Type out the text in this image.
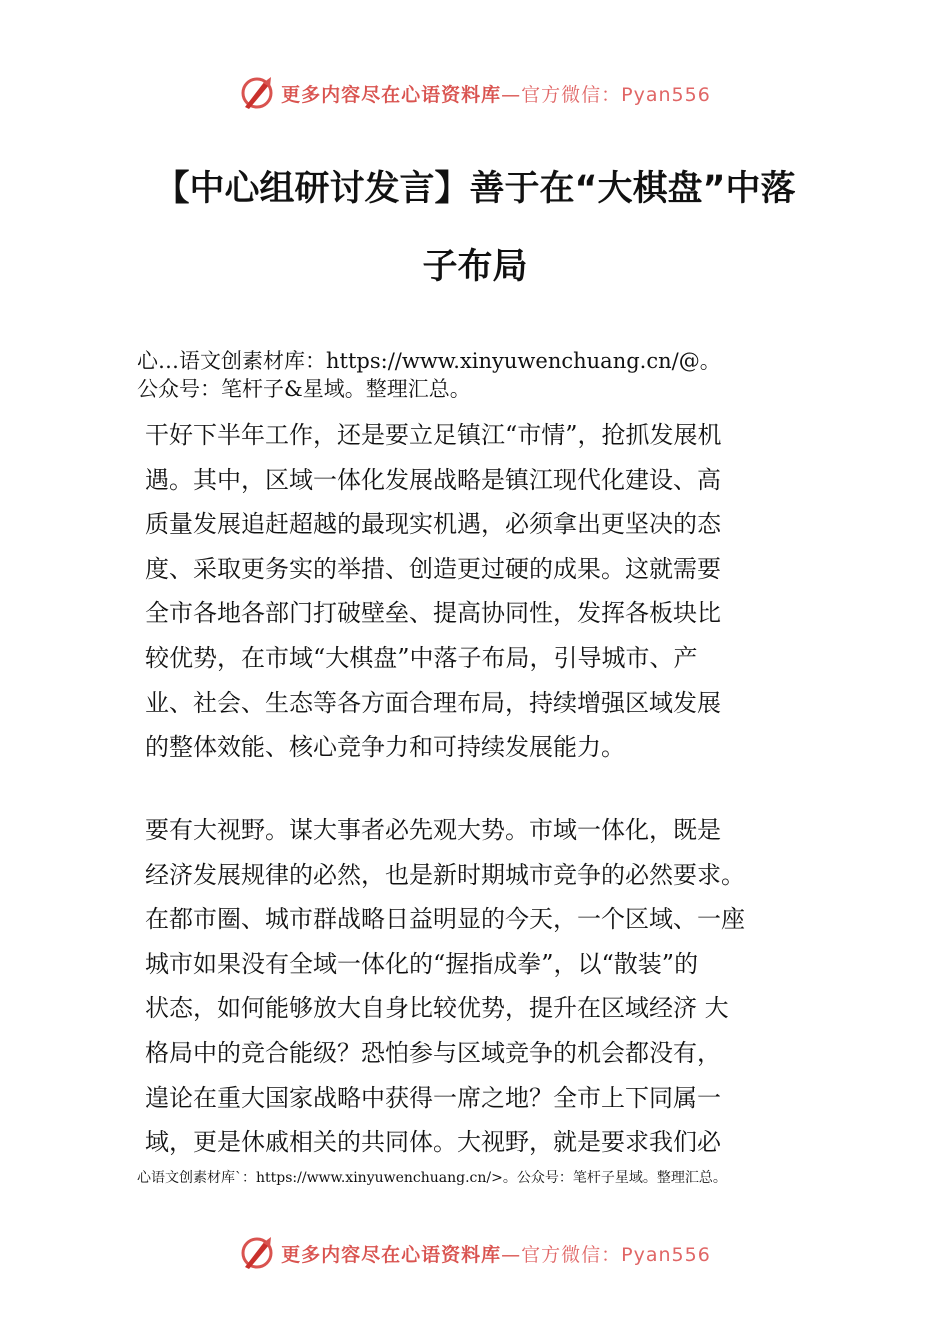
更多内容尽在心语资料库—官方微信：Pyan556
【中心组研讨发言】善于在“大棋盘”中落
子布局
心…语文创素材库：https://www.xinyuwenchuang.cn/@。
公众号：笔杆子&星域。整理汇总。
干好下半年工作，还是要立足镇江“市情”，抢抓发展机
遇。其中，区域一体化发展战略是镇江现代化建设、高
质量发展追赶超越的最现实机遇，必须拿出更坚决的态
度、采取更务实的举措、创造更过硬的成果。这就需要
全市各地各部门打破壁垒、提高协同性，发挥各板块比
较优势，在市域“大棋盘”中落子布局，引导城市、产
业、社会、生态等各方面合理布局，持续增强区域发展
的整体效能、核心竞争力和可持续发展能力。
要有大视野。谋大事者必先观大势。市域一体化，既是
经济发展规律的必然，也是新时期城市竞争的必然要求。
在都市圈、城市群战略日益明显的今天，一个区域、一座
城市如果没有全域一体化的“握指成拳”，以“散装”的
状态，如何能够放大自身比较优势，提升在区域经济 大
格局中的竞合能级？恐怕参与区域竞争的机会都没有，
遑论在重大国家战略中获得一席之地？全市上下同属一
域，更是休戚相关的共同体。大视野，就是要求我们必
心语文创素材库`：https://www.xinyuwenchuang.cn/>。公众号：笔杆子星域。整理汇总。
更多内容尽在心语资料库—官方微信：Pyan556
